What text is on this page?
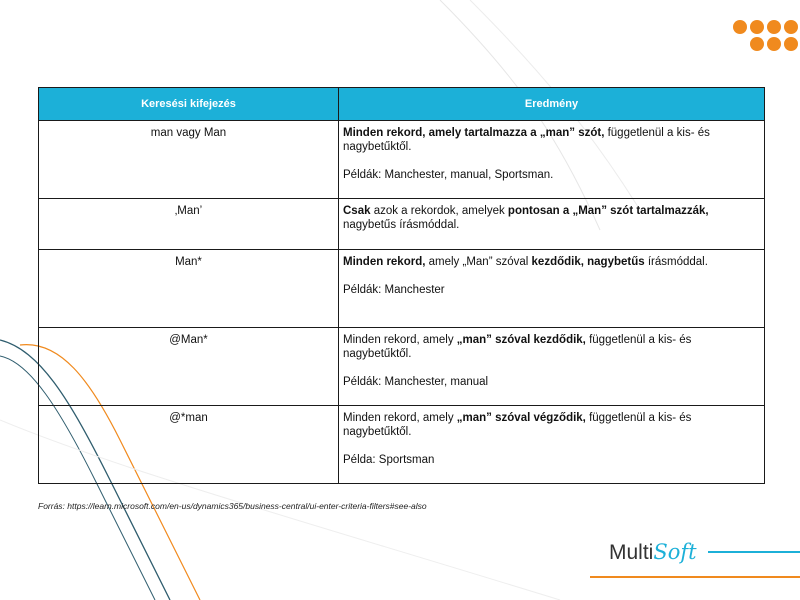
Keresési kifejezés	Eredmény
man vagy Man	Minden rekord, amely tartalmazza a „man” szót, függetlenül a kis- és nagybetűktől.

Példák: Manchester, manual, Sportsman.

‚Man’	Csak azok a rekordok, amelyek pontosan a „Man” szót tartalmazzák, nagybetűs írásmóddal.

Man*	Minden rekord, amely „Man” szóval kezdődik, nagybetűs írásmóddal.

Példák: Manchester

@Man*	Minden rekord, amely „man” szóval kezdődik, függetlenül a kis- és nagybetűktől.

Példák: Manchester, manual

@*man	Minden rekord, amely „man” szóval végződik, függetlenül a kis- és nagybetűktől.

Példa: Sportsman

Forrás: https://learn.microsoft.com/en-us/dynamics365/business-central/ui-enter-criteria-filters#see-also
MultiSoft
